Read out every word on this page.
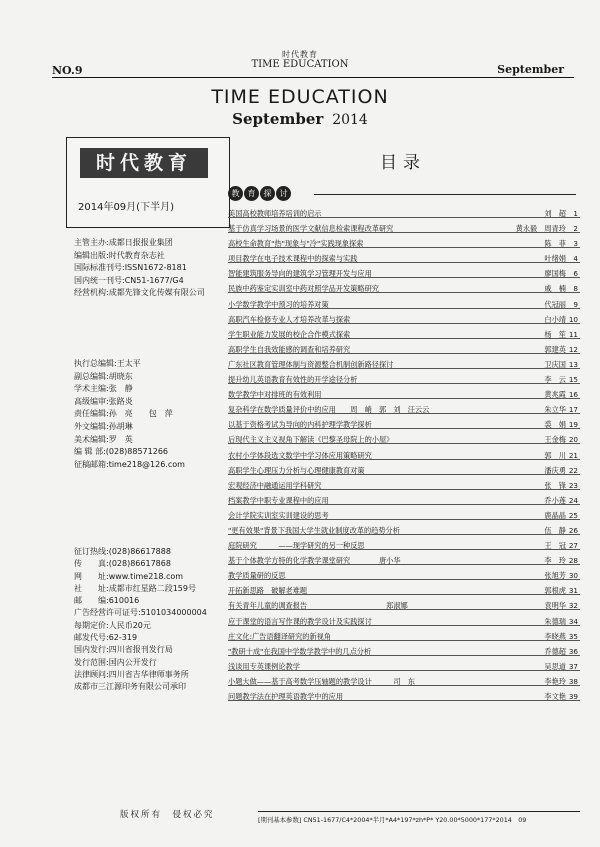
时代教育
TIME EDUCATION
NO.9	September
TIME EDUCATION
September 2014
时代教育
2014年09月(下半月)
主管主办:成都日报报业集团
编辑出版:时代教育杂志社
国际标准刊号:ISSN1672-8181
国内统一刊号:CN51-1677/G4
经营机构:成都先锋文化传媒有限公司
执行总编辑:王太平
副总编辑:胡晓东
学术主编:张　静
高级编审:张路炎
责任编辑:孙　亮　　包　萍
外文编辑:孙胡琳
美术编辑:罗　英
编 辑 部:(028)88571266
征稿邮箱:time218@126.com
征订热线:(028)86617888
传　　真:(028)86617868
网　　址:www.time218.com
社　　址:成都市红星路二段159号
邮　　编:610016
广告经营许可证号:5101034000004
每期定价:人民币20元
邮发代号:62-319
国内发行:四川省报刊发行局
发行范围:国内公开发行
法律顾问:四川省吉华律师事务所
成都市三江源印务有限公司承印
版权所有　侵权必究
目录
教	育	探	讨
美国高校教师培养培训的启示	刘　超	1
基于仿真学习场景的医学文献信息检索课程改革研究	黄永毅　周青玲	2
高校生命教育"热"现象与"冷"实践现象探索	陈　菲	3
项目教学在电子技术课程中的探索与实践	叶绪娟	4
智能建筑服务导向的建筑学习管理开发与应用	廖国梅	6
民族中药鉴定实训室中药对照学品开发策略研究	戚　楠	8
小学数学教学中预习的培养对策	代冠丽	9
高职汽车检修专业人才培养改革与探索	白小靖 10
学生职业能力发展的校企合作模式探索	杨　笙 11
高职学生自我效能感的调查和培养研究	郭建英 12
广东社区教育管理体制与资源整合机制创新路径探讨	卫庆国 13
提升幼儿英语教育有效性的开学途径分析	李　云 15
数学教学中对排班的有效利用	黄兆霞 16
复杂科学在数学质量评价中的应用　　周　峭　郭　刘　汪云云	朱立华 17
以基于资格考试为导向的内科护理学教学探析	裘　娟 19
后现代主义主义视角下解读《巴黎圣母院上的小屋》	王金梅 20
农村小学体段选文数学中学习体应用策略研究	郭　川 21
高职学生心理压力分析与心理健康教育对策	潘庆勇 22
宏观经济中融通运用学科研究	张　锋 23
档案教学中职专业课程中的应用	乔小莲 24
会计学院实训室实训建设的思考	鹿晶晶 25
"更有效果"背景下我国大学生就业制度改革的趋势分析	伍　静 26
庭院研究　　　——现学研究的另一种反思	王　冠 27
基于个体教学方特的化学教学课堂研究　　　　唐小华	李　玲 28
教学质量研的反思	张旭芳 30
开拓新思路　破解老难题	郭根虎 31
有关青年儿童的调查报告　　　　　　　　　　　郑淑娜	袁明华 32
应于课堂的语言写作课的教学设计及实践探讨	朱德瑞 34
庄文化:广告语翻译研究的新视角	李晓燕 35
"教研十成"在我国中学数学教学中的几点分析	乔德超 36
浅谈用专英课例论教学	吴思道 37
小题大做——基于高考数学压轴题的教学设计　　　司　东	李艳玲 38
问题教学法在护理英语教学中的应用	李文艳 39
[期刊基本参数] CN51-1677/C4*2004*半月*A4*197*zh*P* Y20.00*5000*177*2014　09
